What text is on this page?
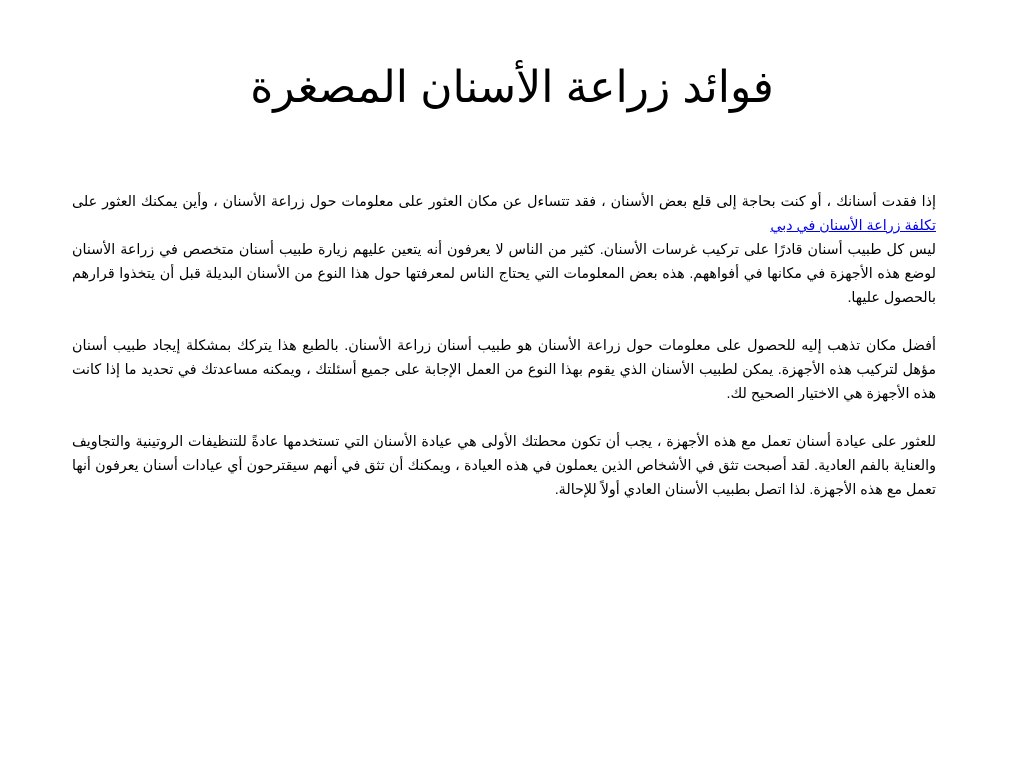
فوائد زراعة الأسنان المصغرة

إذا فقدت أسنانك ، أو كنت بحاجة إلى قلع بعض الأسنان ، فقد تتساءل عن مكان العثور على معلومات حول زراعة الأسنان ، وأين يمكنك العثور على تكلفة زراعة الأسنان في دبي

ليس كل طبيب أسنان قادرًا على تركيب غرسات الأسنان. كثير من الناس لا يعرفون أنه يتعين عليهم زيارة طبيب أسنان متخصص في زراعة الأسنان لوضع هذه الأجهزة في مكانها في أفواههم. هذه بعض المعلومات التي يحتاج الناس لمعرفتها حول هذا النوع من الأسنان البديلة قبل أن يتخذوا قرارهم بالحصول عليها.

أفضل مكان تذهب إليه للحصول على معلومات حول زراعة الأسنان هو طبيب أسنان زراعة الأسنان. بالطبع هذا يتركك بمشكلة إيجاد طبيب أسنان مؤهل لتركيب هذه الأجهزة. يمكن لطبيب الأسنان الذي يقوم بهذا النوع من العمل الإجابة على جميع أسئلتك ، ويمكنه مساعدتك في تحديد ما إذا كانت هذه الأجهزة هي الاختيار الصحيح لك.

للعثور على عيادة أسنان تعمل مع هذه الأجهزة ، يجب أن تكون محطتك الأولى هي عيادة الأسنان التي تستخدمها عادةً للتنظيفات الروتينية والتجاويف والعناية بالفم العادية. لقد أصبحت تثق في الأشخاص الذين يعملون في هذه العيادة ، ويمكنك أن تثق في أنهم سيقترحون أي عيادات أسنان يعرفون أنها تعمل مع هذه الأجهزة. لذا اتصل بطبيب الأسنان العادي أولاً للإحالة.
